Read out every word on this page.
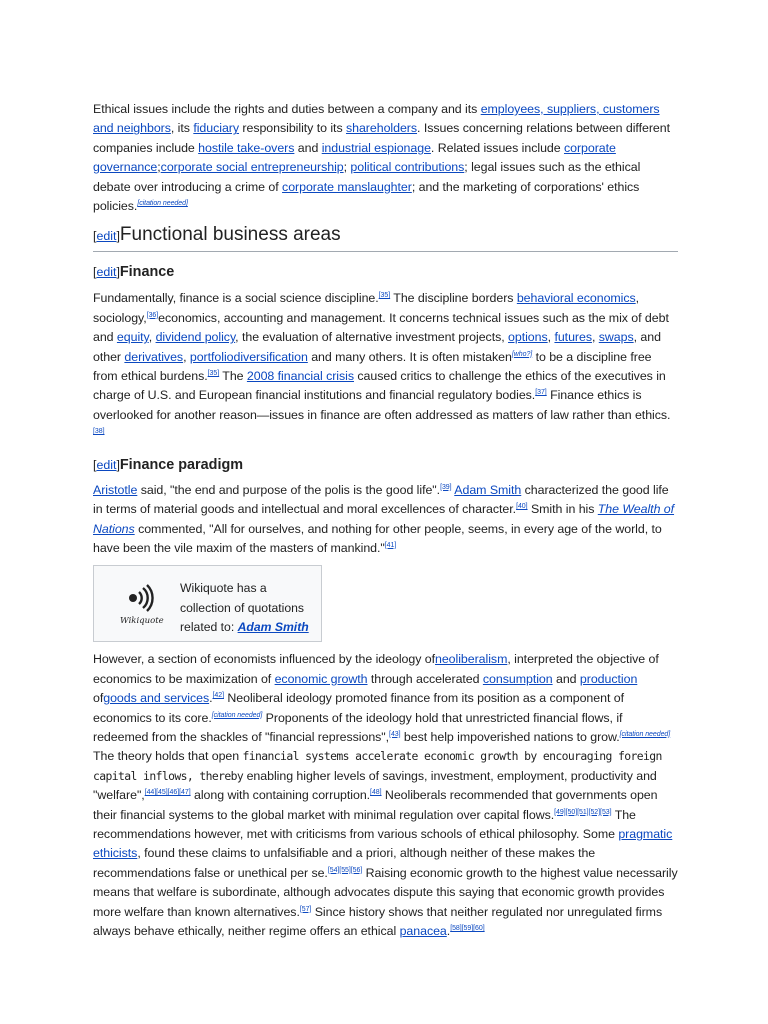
Ethical issues include the rights and duties between a company and its employees, suppliers, customers and neighbors, its fiduciary responsibility to its shareholders. Issues concerning relations between different companies include hostile take-overs and industrial espionage. Related issues include corporate governance;corporate social entrepreneurship; political contributions; legal issues such as the ethical debate over introducing a crime of corporate manslaughter; and the marketing of corporations' ethics policies.[citation needed]

[edit]Functional business areas
[edit]Finance

Fundamentally, finance is a social science discipline.[35] The discipline borders behavioral economics, sociology,[36]economics, accounting and management. It concerns technical issues such as the mix of debt and equity, dividend policy, the evaluation of alternative investment projects, options, futures, swaps, and other derivatives, portfoliodiversification and many others. It is often mistaken[who?] to be a discipline free from ethical burdens.[35] The 2008 financial crisis caused critics to challenge the ethics of the executives in charge of U.S. and European financial institutions and financial regulatory bodies.[37] Finance ethics is overlooked for another reason—issues in finance are often addressed as matters of law rather than ethics.[38]

[edit]Finance paradigm

Aristotle said, "the end and purpose of the polis is the good life".[39] Adam Smith characterized the good life in terms of material goods and intellectual and moral excellences of character.[40] Smith in his The Wealth of Nations commented, "All for ourselves, and nothing for other people, seems, in every age of the world, to have been the vile maxim of the masters of mankind."[41]

Wikiquote
Wikiquote has a collection of quotations related to: Adam Smith

However, a section of economists influenced by the ideology ofneoliberalism, interpreted the objective of economics to be maximization of economic growth through accelerated consumption and production ofgoods and services.[42] Neoliberal ideology promoted finance from its position as a component of economics to its core.[citation needed] Proponents of the ideology hold that unrestricted financial flows, if redeemed from the shackles of "financial repressions",[43] best help impoverished nations to grow.[citation needed] The theory holds that open financial systems accelerate economic growth by encouraging foreign capital inflows, thereby enabling higher levels of savings, investment, employment, productivity and "welfare",[44][45][46][47] along with containing corruption.[48] Neoliberals recommended that governments open their financial systems to the global market with minimal regulation over capital flows.[49][50][51][52][53] The recommendations however, met with criticisms from various schools of ethical philosophy. Some pragmatic ethicists, found these claims to unfalsifiable and a priori, although neither of these makes the recommendations false or unethical per se.[54][55][56] Raising economic growth to the highest value necessarily means that welfare is subordinate, although advocates dispute this saying that economic growth provides more welfare than known alternatives.[57] Since history shows that neither regulated nor unregulated firms always behave ethically, neither regime offers an ethical panacea.[58][59][60]
